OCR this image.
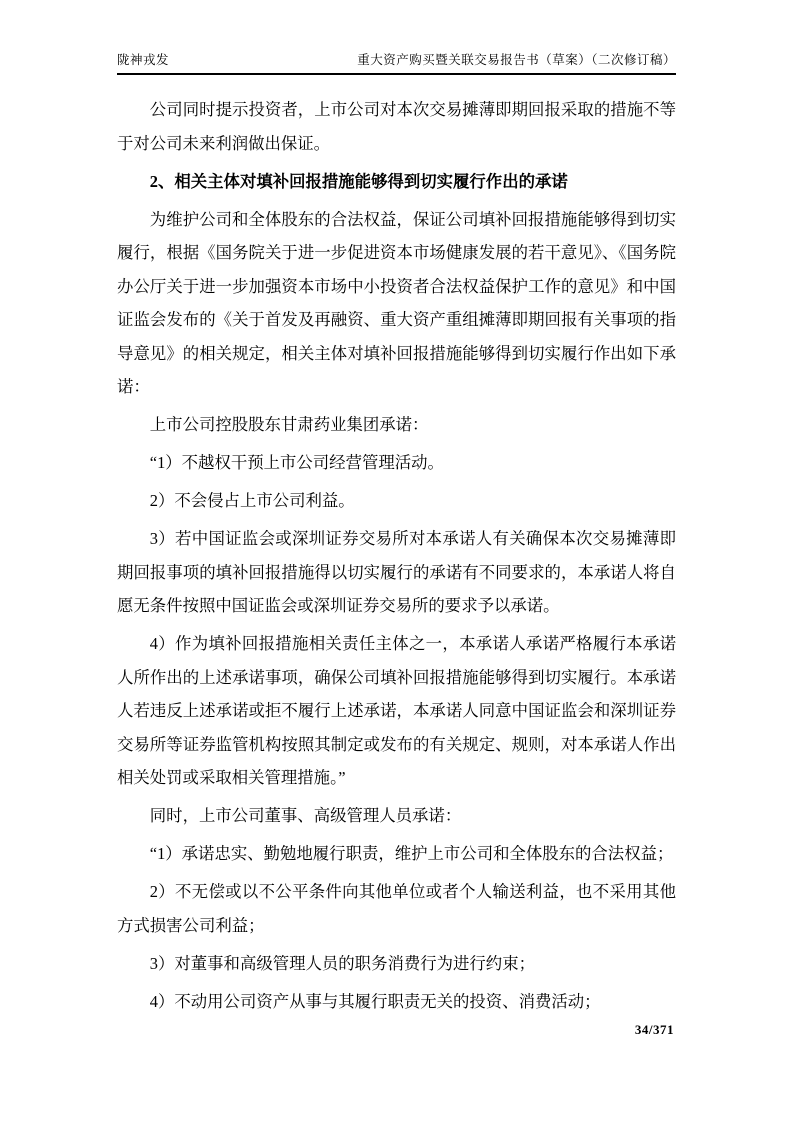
陇神戎发	重大资产购买暨关联交易报告书（草案）（二次修订稿）

公司同时提示投资者，上市公司对本次交易摊薄即期回报采取的措施不等于对公司未来利润做出保证。

2、相关主体对填补回报措施能够得到切实履行作出的承诺

为维护公司和全体股东的合法权益，保证公司填补回报措施能够得到切实履行，根据《国务院关于进一步促进资本市场健康发展的若干意见》、《国务院办公厅关于进一步加强资本市场中小投资者合法权益保护工作的意见》和中国证监会发布的《关于首发及再融资、重大资产重组摊薄即期回报有关事项的指导意见》的相关规定，相关主体对填补回报措施能够得到切实履行作出如下承诺：

上市公司控股股东甘肃药业集团承诺：

“1）不越权干预上市公司经营管理活动。

2）不会侵占上市公司利益。

3）若中国证监会或深圳证券交易所对本承诺人有关确保本次交易摊薄即期回报事项的填补回报措施得以切实履行的承诺有不同要求的，本承诺人将自愿无条件按照中国证监会或深圳证券交易所的要求予以承诺。

4）作为填补回报措施相关责任主体之一，本承诺人承诺严格履行本承诺人所作出的上述承诺事项，确保公司填补回报措施能够得到切实履行。本承诺人若违反上述承诺或拒不履行上述承诺，本承诺人同意中国证监会和深圳证券交易所等证券监管机构按照其制定或发布的有关规定、规则，对本承诺人作出相关处罚或采取相关管理措施。”

同时，上市公司董事、高级管理人员承诺：

“1）承诺忠实、勤勉地履行职责，维护上市公司和全体股东的合法权益；

2）不无偿或以不公平条件向其他单位或者个人输送利益，也不采用其他方式损害公司利益；

3）对董事和高级管理人员的职务消费行为进行约束；

4）不动用公司资产从事与其履行职责无关的投资、消费活动；

34/371
